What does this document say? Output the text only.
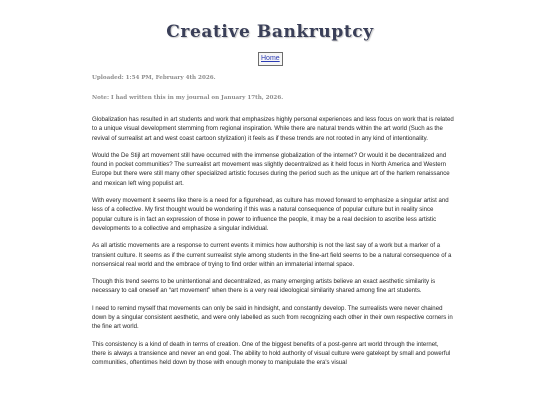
Creative Bankruptcy
Home

Uploaded: 1:54 PM, February 4th 2026.

Note: I had written this in my journal on January 17th, 2026.

Globalization has resulted in art students and work that emphasizes highly personal experiences and less focus on work that is related to a unique visual development stemming from regional inspiration. While there are natural trends within the art world (Such as the revival of surrealist art and west coast cartoon stylization) it feels as if these trends are not rooted in any kind of intentionality.

Would the De Stijl art movement still have occurred with the immense globalization of the internet? Or would it be decentralized and found in pocket communities? The surrealist art movement was slightly decentralized as it held focus in North America and Western Europe but there were still many other specialized artistic focuses during the period such as the unique art of the harlem renaissance and mexican left wing populist art.

With every movement it seems like there is a need for a figurehead, as culture has moved forward to emphasize a singular artist and less of a collective. My first thought would be wondering if this was a natural consequence of popular culture but in reality since popular culture is in fact an expression of those in power to influence the people, it may be a real decision to ascribe less artistic developments to a collective and emphasize a singular individual.

As all artistic movements are a response to current events it mimics how authorship is not the last say of a work but a marker of a transient culture. It seems as if the current surrealist style among students in the fine-art field seems to be a natural consequence of a nonsensical real world and the embrace of trying to find order within an immaterial internal space.

Though this trend seems to be unintentional and decentralized, as many emerging artists believe an exact aesthetic similarity is necessary to call oneself an “art movement” when there is a very real ideological similarity shared among fine art students.

I need to remind myself that movements can only be said in hindsight, and constantly develop. The surrealists were never chained down by a singular consistent aesthetic, and were only labelled as such from recognizing each other in their own respective corners in the fine art world.

This consistency is a kind of death in terms of creation. One of the biggest benefits of a post-genre art world through the internet, there is always a transience and never an end goal. The ability to hold authority of visual culture were gatekept by small and powerful communities, oftentimes held down by those with enough money to manipulate the era's visual
